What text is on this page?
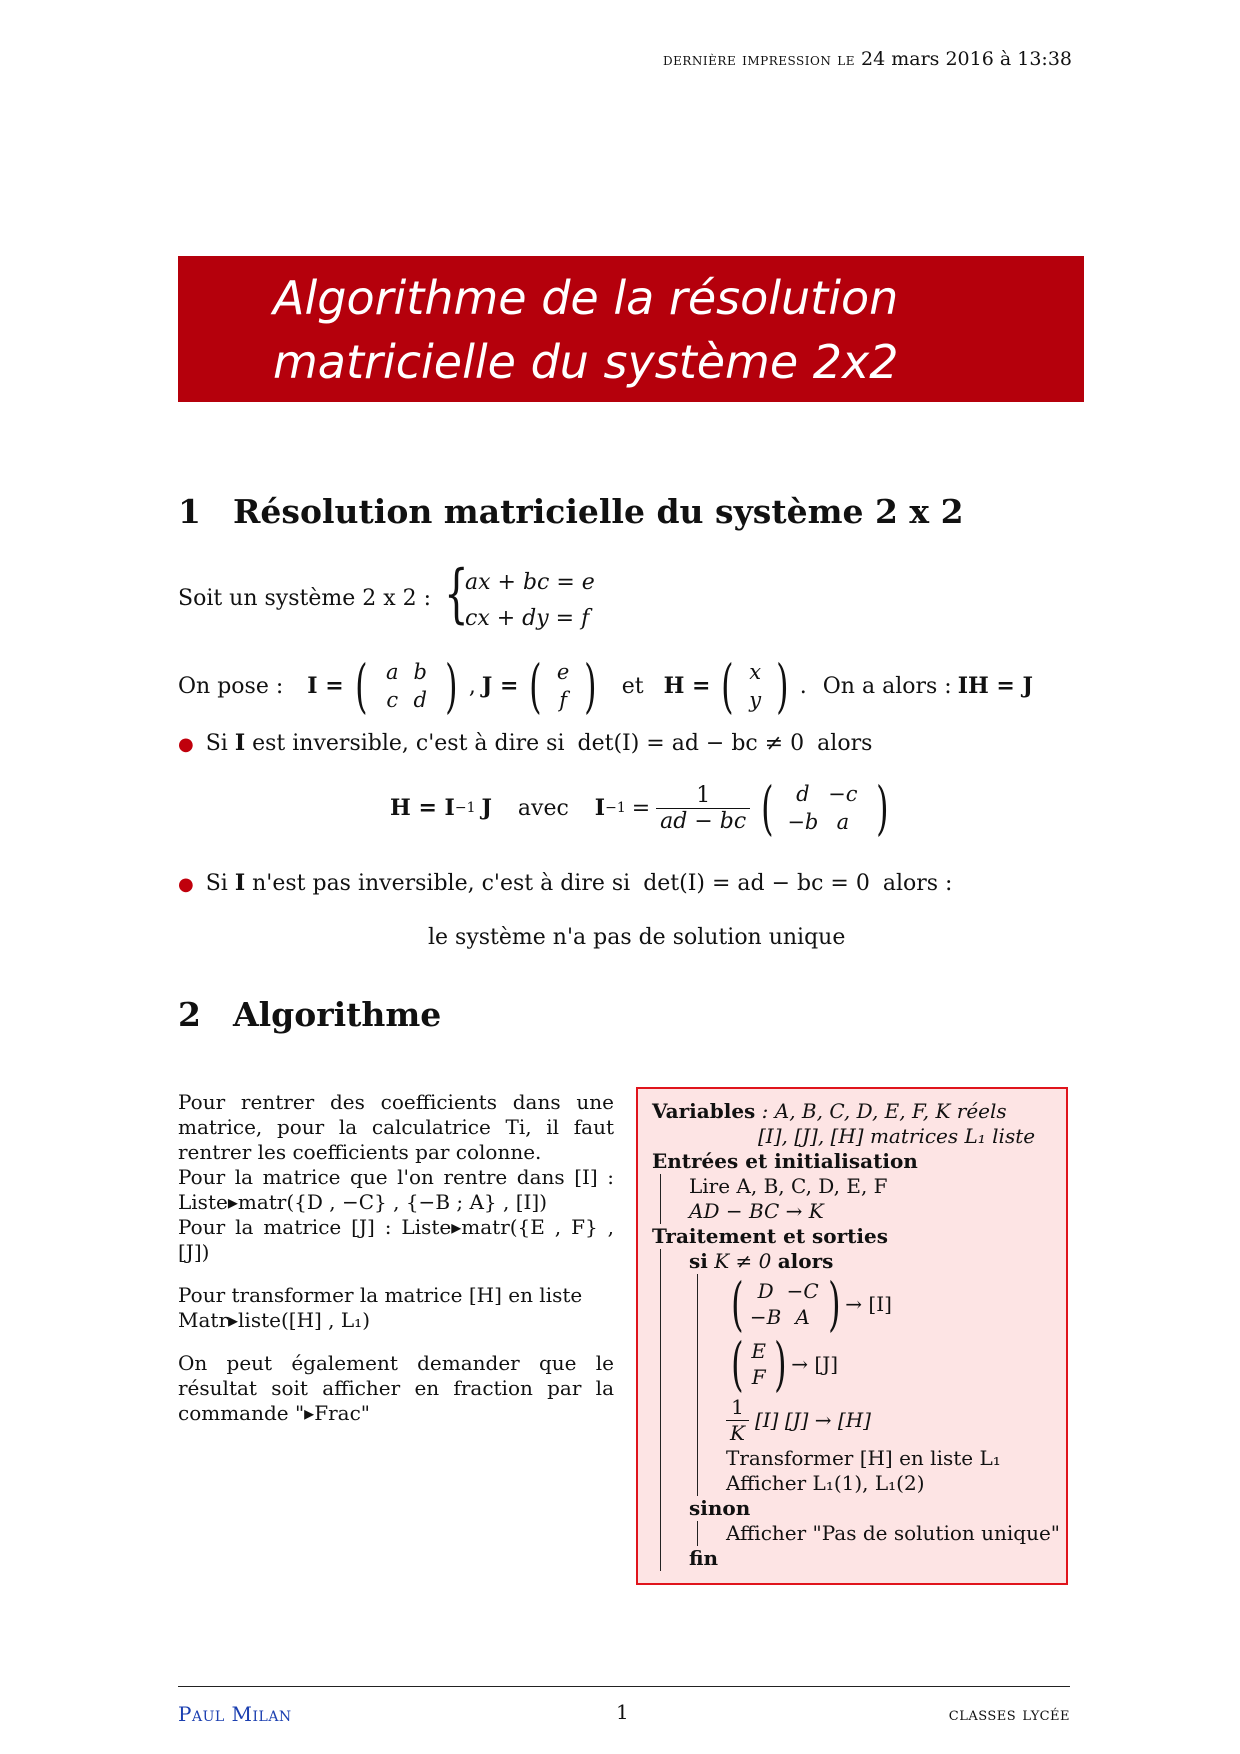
dernière impression le 24 mars 2016 à 13:38
Algorithme de la résolution
matricielle du système 2x2
1 Résolution matricielle du système 2 x 2
Soit un système 2 x 2 : {
ax + bc = e
cx + dy = f
On pose : I = ( a b
c d ) , J = ( e
f ) et H = ( x
y ) . On a alors : IH = J
● Si I est inversible, c'est à dire si det(I) = ad − bc ≠ 0 alors
H = I −1 J avec $I -1 = \frac{1}{ad - bc}$ (	d −c
−b a )
● Si I n'est pas inversible, c'est à dire si det(I) = ad − bc = 0 alors :
le système n'a pas de solution unique
2 Algorithme

Pour rentrer des coefficients dans une matrice, pour la calculatrice Ti, il faut rentrer les coefficients par colonne.
Pour la matrice que l'on rentre dans [I] : Liste▸matr({D , −C} , {−B ; A} , [I])
Pour la matrice [J] : Liste▸matr({E , F} , [J])

Pour transformer la matrice [H] en liste
Matr▸liste([H] , L₁)

On peut également demander que le résultat soit afficher en fraction par la commande "▸Frac"

Variables : A, B, C, D, E, F, K réels
[I], [J], [H] matrices L₁ liste
Entrées et initialisation
Lire A, B, C, D, E, F
AD − BC → K
Traitement et sorties
si K ≠ 0 alors
( D −C
−B A ) → [I]
( E
F ) → [J]
$\frac{1}{K} [I] [J] \to [H]$
Transformer [H] en liste L₁
Afficher L₁(1), L₁(2)
sinon
Afficher "Pas de solution unique"
fin
Paul Milan	1	classes lycée
